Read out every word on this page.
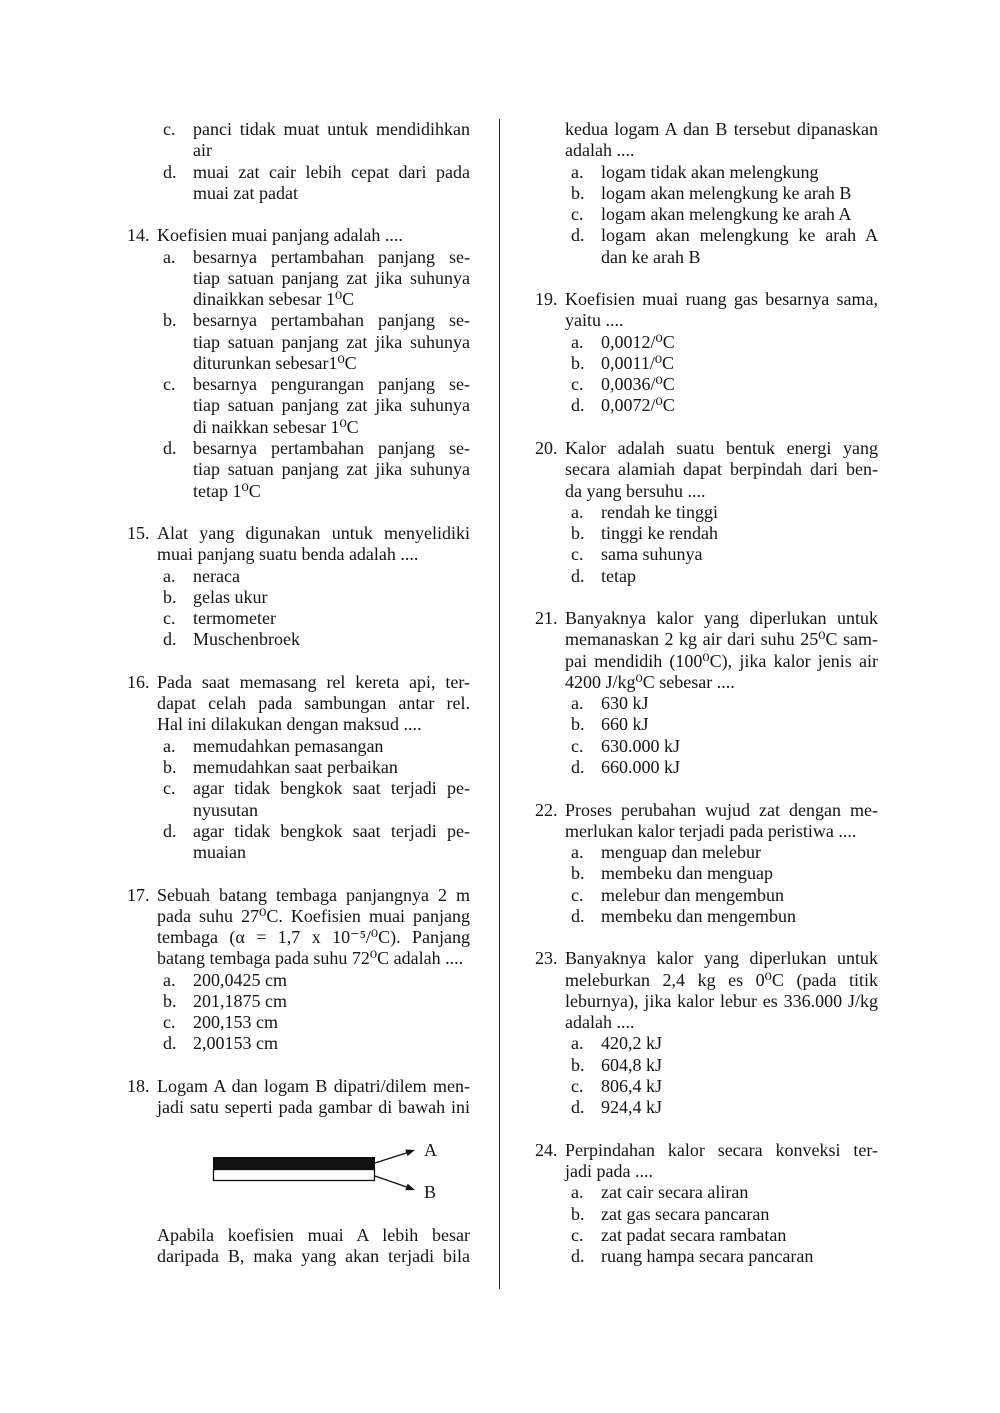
c. panci tidak muat untuk mendidihkan
air
d. muai zat cair lebih cepat dari pada
muai zat padat
14. Koefisien muai panjang adalah ....
a. besarnya pertambahan panjang se-
tiap satuan panjang zat jika suhunya
dinaikkan sebesar 1⁰C
b. besarnya pertambahan panjang se-
tiap satuan panjang zat jika suhunya
diturunkan sebesar1⁰C
c. besarnya pengurangan panjang se-
tiap satuan panjang zat jika suhunya
di naikkan sebesar 1⁰C
d. besarnya pertambahan panjang se-
tiap satuan panjang zat jika suhunya
tetap 1⁰C
15. Alat yang digunakan untuk menyelidiki
muai panjang suatu benda adalah ....
a. neraca
b. gelas ukur
c. termometer
d. Muschenbroek
16. Pada saat memasang rel kereta api, ter-
dapat celah pada sambungan antar rel.
Hal ini dilakukan dengan maksud ....
a. memudahkan pemasangan
b. memudahkan saat perbaikan
c. agar tidak bengkok saat terjadi pe-
nyusutan
d. agar tidak bengkok saat terjadi pe-
muaian
17. Sebuah batang tembaga panjangnya 2 m
pada suhu 27⁰C. Koefisien muai panjang
tembaga (α = 1,7 x 10⁻⁵/⁰C). Panjang
batang tembaga pada suhu 72⁰C adalah ....
a. 200,0425 cm
b. 201,1875 cm
c. 200,153 cm
d. 2,00153 cm
18. Logam A dan logam B dipatri/dilem men-
jadi satu seperti pada gambar di bawah ini
A
B
Apabila koefisien muai A lebih besar
daripada B, maka yang akan terjadi bila
kedua logam A dan B tersebut dipanaskan
adalah ....
a. logam tidak akan melengkung
b. logam akan melengkung ke arah B
c. logam akan melengkung ke arah A
d. logam akan melengkung ke arah A
dan ke arah B
19. Koefisien muai ruang gas besarnya sama,
yaitu ....
a. 0,0012/⁰C
b. 0,0011/⁰C
c. 0,0036/⁰C
d. 0,0072/⁰C
20. Kalor adalah suatu bentuk energi yang
secara alamiah dapat berpindah dari ben-
da yang bersuhu ....
a. rendah ke tinggi
b. tinggi ke rendah
c. sama suhunya
d. tetap
21. Banyaknya kalor yang diperlukan untuk
memanaskan 2 kg air dari suhu 25⁰C sam-
pai mendidih (100⁰C), jika kalor jenis air
4200 J/kg⁰C sebesar ....
a. 630 kJ
b. 660 kJ
c. 630.000 kJ
d. 660.000 kJ
22. Proses perubahan wujud zat dengan me-
merlukan kalor terjadi pada peristiwa ....
a. menguap dan melebur
b. membeku dan menguap
c. melebur dan mengembun
d. membeku dan mengembun
23. Banyaknya kalor yang diperlukan untuk
meleburkan 2,4 kg es 0⁰C (pada titik
leburnya), jika kalor lebur es 336.000 J/kg
adalah ....
a. 420,2 kJ
b. 604,8 kJ
c. 806,4 kJ
d. 924,4 kJ
24. Perpindahan kalor secara konveksi ter-
jadi pada ....
a. zat cair secara aliran
b. zat gas secara pancaran
c. zat padat secara rambatan
d. ruang hampa secara pancaran
